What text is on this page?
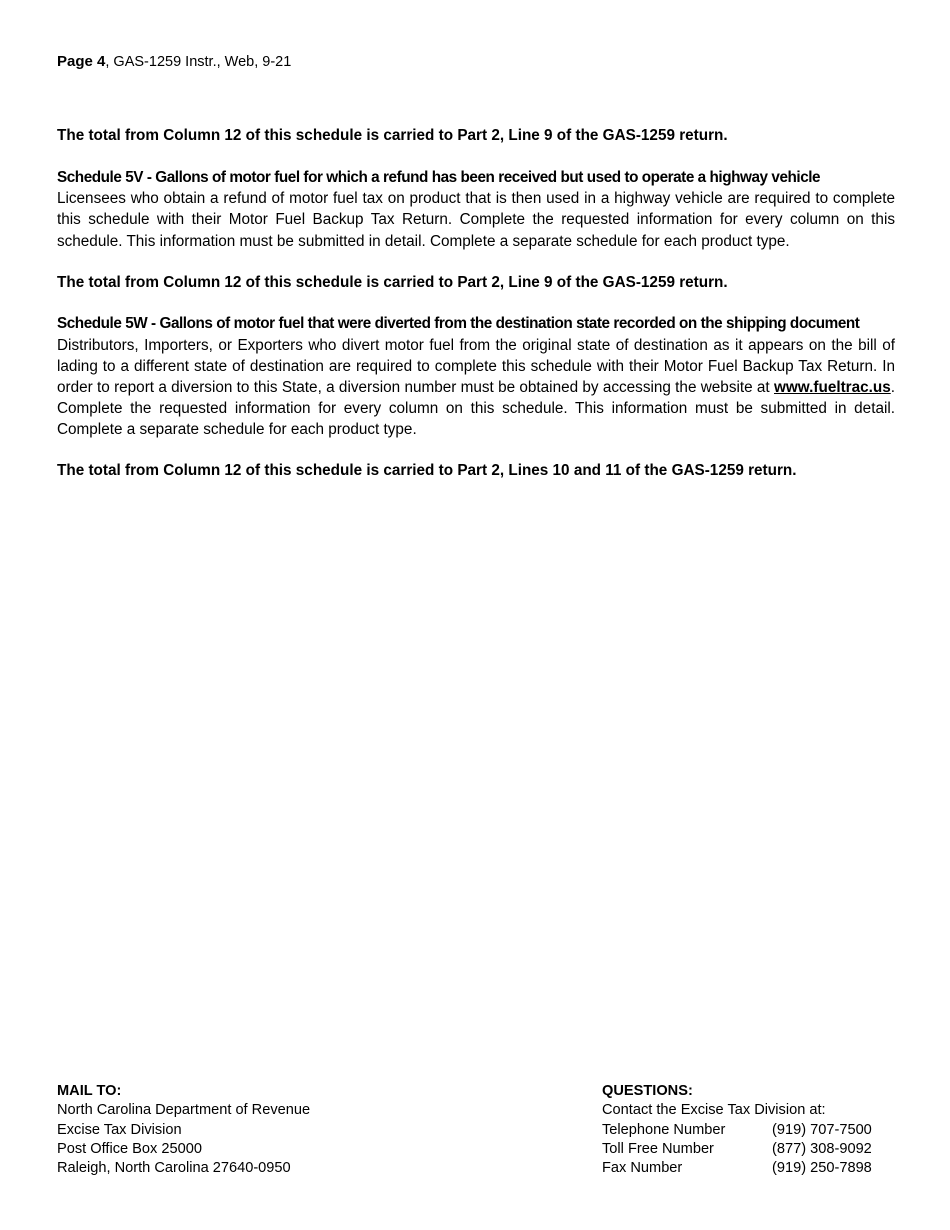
Page 4, GAS-1259 Instr., Web, 9-21
The total from Column 12 of this schedule is carried to Part 2, Line 9 of the GAS-1259 return.
Schedule 5V - Gallons of motor fuel for which a refund has been received but used to operate a highway vehicle
Licensees who obtain a refund of motor fuel tax on product that is then used in a highway vehicle are required to complete this schedule with their Motor Fuel Backup Tax Return. Complete the requested information for every column on this schedule. This information must be submitted in detail. Complete a separate schedule for each product type.
The total from Column 12 of this schedule is carried to Part 2, Line 9 of the GAS-1259 return.
Schedule 5W - Gallons of motor fuel that were diverted from the destination state recorded on the shipping document
Distributors, Importers, or Exporters who divert motor fuel from the original state of destination as it appears on the bill of lading to a different state of destination are required to complete this schedule with their Motor Fuel Backup Tax Return. In order to report a diversion to this State, a diversion number must be obtained by accessing the website at www.fueltrac.us. Complete the requested information for every column on this schedule. This information must be submitted in detail. Complete a separate schedule for each product type.
The total from Column 12 of this schedule is carried to Part 2, Lines 10 and 11 of the GAS-1259 return.
MAIL TO:
North Carolina Department of Revenue
Excise Tax Division
Post Office Box 25000
Raleigh, North Carolina 27640-0950
QUESTIONS:
Contact the Excise Tax Division at:
Telephone Number	(919) 707-7500
Toll Free Number	(877) 308-9092
Fax Number	(919) 250-7898
